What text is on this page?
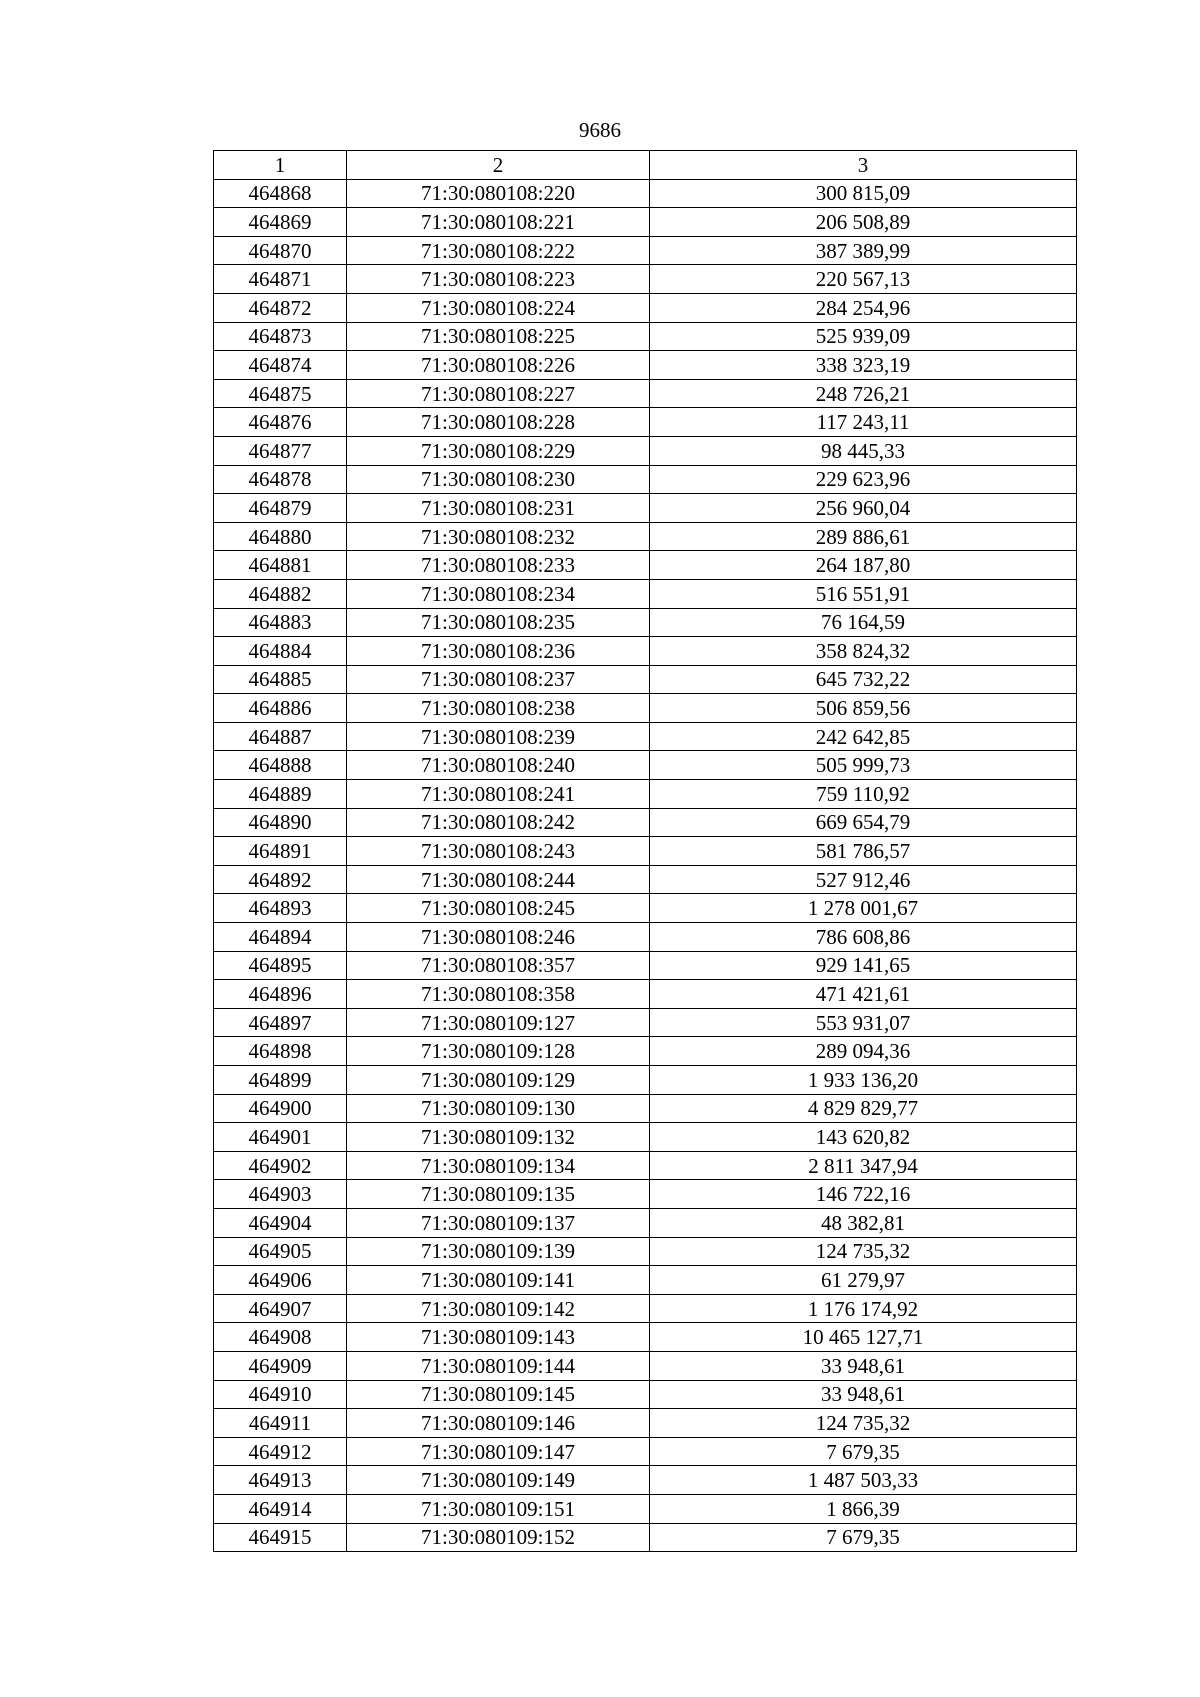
9686
1	2	3
464868	71:30:080108:220	300 815,09
464869	71:30:080108:221	206 508,89
464870	71:30:080108:222	387 389,99
464871	71:30:080108:223	220 567,13
464872	71:30:080108:224	284 254,96
464873	71:30:080108:225	525 939,09
464874	71:30:080108:226	338 323,19
464875	71:30:080108:227	248 726,21
464876	71:30:080108:228	117 243,11
464877	71:30:080108:229	98 445,33
464878	71:30:080108:230	229 623,96
464879	71:30:080108:231	256 960,04
464880	71:30:080108:232	289 886,61
464881	71:30:080108:233	264 187,80
464882	71:30:080108:234	516 551,91
464883	71:30:080108:235	76 164,59
464884	71:30:080108:236	358 824,32
464885	71:30:080108:237	645 732,22
464886	71:30:080108:238	506 859,56
464887	71:30:080108:239	242 642,85
464888	71:30:080108:240	505 999,73
464889	71:30:080108:241	759 110,92
464890	71:30:080108:242	669 654,79
464891	71:30:080108:243	581 786,57
464892	71:30:080108:244	527 912,46
464893	71:30:080108:245	1 278 001,67
464894	71:30:080108:246	786 608,86
464895	71:30:080108:357	929 141,65
464896	71:30:080108:358	471 421,61
464897	71:30:080109:127	553 931,07
464898	71:30:080109:128	289 094,36
464899	71:30:080109:129	1 933 136,20
464900	71:30:080109:130	4 829 829,77
464901	71:30:080109:132	143 620,82
464902	71:30:080109:134	2 811 347,94
464903	71:30:080109:135	146 722,16
464904	71:30:080109:137	48 382,81
464905	71:30:080109:139	124 735,32
464906	71:30:080109:141	61 279,97
464907	71:30:080109:142	1 176 174,92
464908	71:30:080109:143	10 465 127,71
464909	71:30:080109:144	33 948,61
464910	71:30:080109:145	33 948,61
464911	71:30:080109:146	124 735,32
464912	71:30:080109:147	7 679,35
464913	71:30:080109:149	1 487 503,33
464914	71:30:080109:151	1 866,39
464915	71:30:080109:152	7 679,35
